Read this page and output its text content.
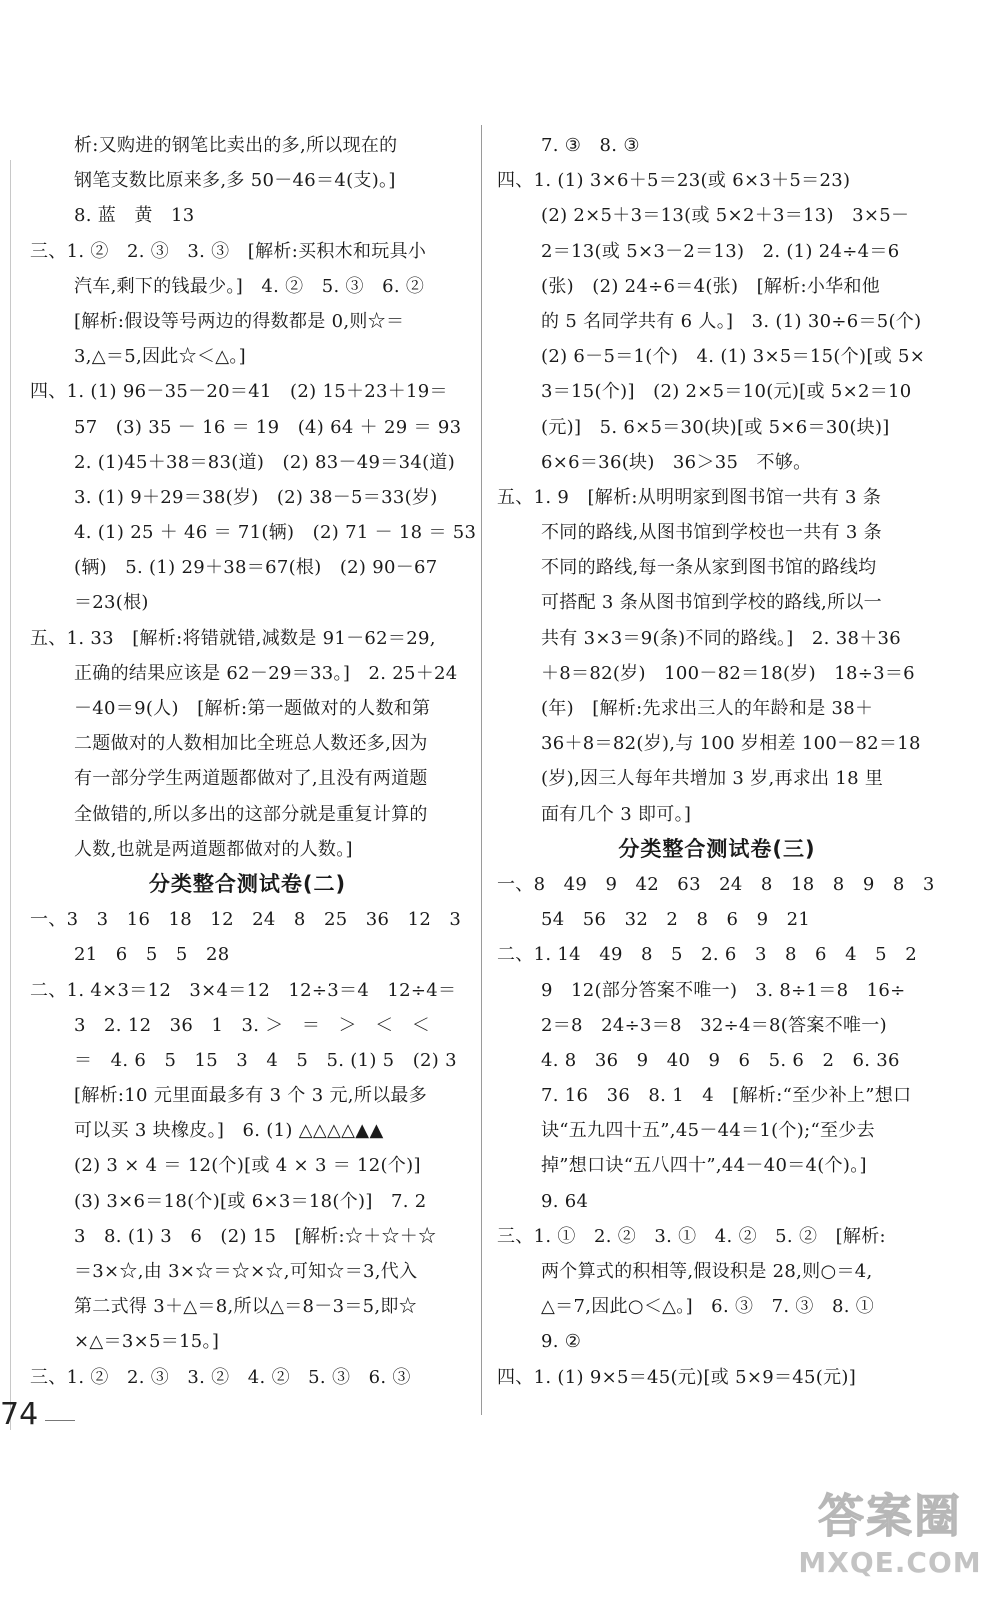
析:又购进的钢笔比卖出的多,所以现在的
钢笔支数比原来多,多 50－46＝4(支)。]
8. 蓝　黄　13
三、1. ②　2. ③　3. ③　[解析:买积木和玩具小
汽车,剩下的钱最少。]　4. ②　5. ③　6. ②
[解析:假设等号两边的得数都是 0,则☆＝
3,△＝5,因此☆＜△。]
四、1. (1) 96－35－20＝41　(2) 15＋23＋19＝
57　(3) 35 － 16 ＝ 19　(4) 64 ＋ 29 ＝ 93
2. (1)45＋38＝83(道)　(2) 83－49＝34(道)
3. (1) 9＋29＝38(岁)　(2) 38－5＝33(岁)
4. (1) 25 ＋ 46 ＝ 71(辆)　(2) 71 － 18 ＝ 53
(辆)　5. (1) 29＋38＝67(根)　(2) 90－67
＝23(根)
五、1. 33　[解析:将错就错,减数是 91－62＝29,
正确的结果应该是 62－29＝33。]　2. 25＋24
－40＝9(人)　[解析:第一题做对的人数和第
二题做对的人数相加比全班总人数还多,因为
有一部分学生两道题都做对了,且没有两道题
全做错的,所以多出的这部分就是重复计算的
人数,也就是两道题都做对的人数。]
分类整合测试卷(二)
一、3　3　16　18　12　24　8　25　36　12　3
21　6　5　5　28
二、1. 4×3＝12　3×4＝12　12÷3＝4　12÷4＝
3　2. 12　36　1　3. ＞　＝　＞　＜　＜
＝　4. 6　5　15　3　4　5　5. (1) 5　(2) 3
[解析:10 元里面最多有 3 个 3 元,所以最多
可以买 3 块橡皮。]　6. (1) △△△△▲▲
(2) 3 × 4 ＝ 12(个)[或 4 × 3 ＝ 12(个)]
(3) 3×6＝18(个)[或 6×3＝18(个)]　7. 2
3　8. (1) 3　6　(2) 15　[解析:☆＋☆＋☆
＝3×☆,由 3×☆＝☆×☆,可知☆＝3,代入
第二式得 3＋△＝8,所以△＝8－3＝5,即☆
×△＝3×5＝15。]
三、1. ②　2. ③　3. ②　4. ②　5. ③　6. ③
7. ③　8. ③
四、1. (1) 3×6＋5＝23(或 6×3＋5＝23)
(2) 2×5＋3＝13(或 5×2＋3＝13)　3×5－
2＝13(或 5×3－2＝13)　2. (1) 24÷4＝6
(张)　(2) 24÷6＝4(张)　[解析:小华和他
的 5 名同学共有 6 人。]　3. (1) 30÷6＝5(个)
(2) 6－5＝1(个)　4. (1) 3×5＝15(个)[或 5×
3＝15(个)]　(2) 2×5＝10(元)[或 5×2＝10
(元)]　5. 6×5＝30(块)[或 5×6＝30(块)]
6×6＝36(块)　36＞35　不够。
五、1. 9　[解析:从明明家到图书馆一共有 3 条
不同的路线,从图书馆到学校也一共有 3 条
不同的路线,每一条从家到图书馆的路线均
可搭配 3 条从图书馆到学校的路线,所以一
共有 3×3＝9(条)不同的路线。]　2. 38＋36
＋8＝82(岁)　100－82＝18(岁)　18÷3＝6
(年)　[解析:先求出三人的年龄和是 38＋
36＋8＝82(岁),与 100 岁相差 100－82＝18
(岁),因三人每年共增加 3 岁,再求出 18 里
面有几个 3 即可。]
分类整合测试卷(三)
一、8　49　9　42　63　24　8　18　8　9　8　3
54　56　32　2　8　6　9　21
二、1. 14　49　8　5　2. 6　3　8　6　4　5　2
9　12(部分答案不唯一)　3. 8÷1＝8　16÷
2＝8　24÷3＝8　32÷4＝8(答案不唯一)
4. 8　36　9　40　9　6　5. 6　2　6. 36
7. 16　36　8. 1　4　[解析:“至少补上”想口
诀“五九四十五”,45－44＝1(个);“至少去
掉”想口诀“五八四十”,44－40＝4(个)。]
9. 64
三、1. ①　2. ②　3. ①　4. ②　5. ②　[解析:
两个算式的积相等,假设积是 28,则○＝4,
△＝7,因此○＜△。]　6. ③　7. ③　8. ①
9. ②
四、1. (1) 9×5＝45(元)[或 5×9＝45(元)]
74
答案圈
MXQE.COM
